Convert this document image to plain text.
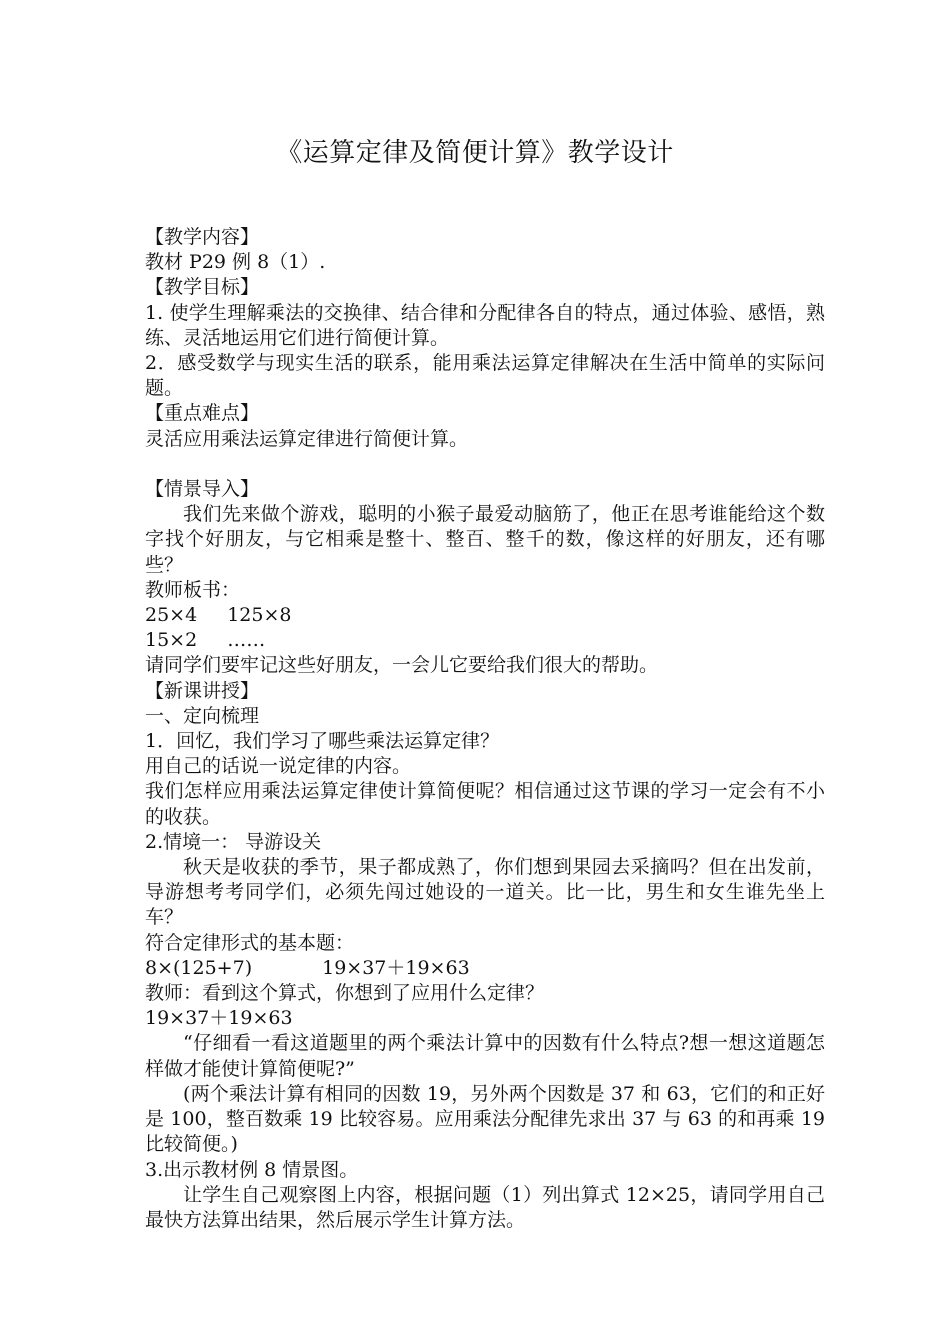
《运算定律及简便计算》教学设计
【教学内容】
教材 P29 例 8（1）.
【教学目标】
1. 使学生理解乘法的交换律、结合律和分配律各自的特点，通过体验、感悟，熟练、灵活地运用它们进行简便计算。
2．感受数学与现实生活的联系，能用乘法运算定律解决在生活中简单的实际问题。
【重点难点】
灵活应用乘法运算定律进行简便计算。
【情景导入】
我们先来做个游戏，聪明的小猴子最爱动脑筋了，他正在思考谁能给这个数字找个好朋友，与它相乘是整十、整百、整千的数，像这样的好朋友，还有哪些？
教师板书：
25×4 125×8
15×2 ……
请同学们要牢记这些好朋友，一会儿它要给我们很大的帮助。
【新课讲授】
一、定向梳理
1．回忆，我们学习了哪些乘法运算定律？
用自己的话说一说定律的内容。
我们怎样应用乘法运算定律使计算简便呢？相信通过这节课的学习一定会有不小的收获。
2.情境一： 导游设关
秋天是收获的季节，果子都成熟了，你们想到果园去采摘吗？但在出发前，导游想考考同学们，必须先闯过她设的一道关。比一比，男生和女生谁先坐上车？
符合定律形式的基本题：
8×(125+7)	19×37＋19×63
教师：看到这个算式，你想到了应用什么定律？
19×37＋19×63
“仔细看一看这道题里的两个乘法计算中的因数有什么特点?想一想这道题怎样做才能使计算简便呢?”
(两个乘法计算有相同的因数 19，另外两个因数是 37 和 63，它们的和正好是 100，整百数乘 19 比较容易。应用乘法分配律先求出 37 与 63 的和再乘 19 比较简便。)
3.出示教材例 8 情景图。
让学生自己观察图上内容，根据问题（1）列出算式 12×25，请同学用自己最快方法算出结果，然后展示学生计算方法。
